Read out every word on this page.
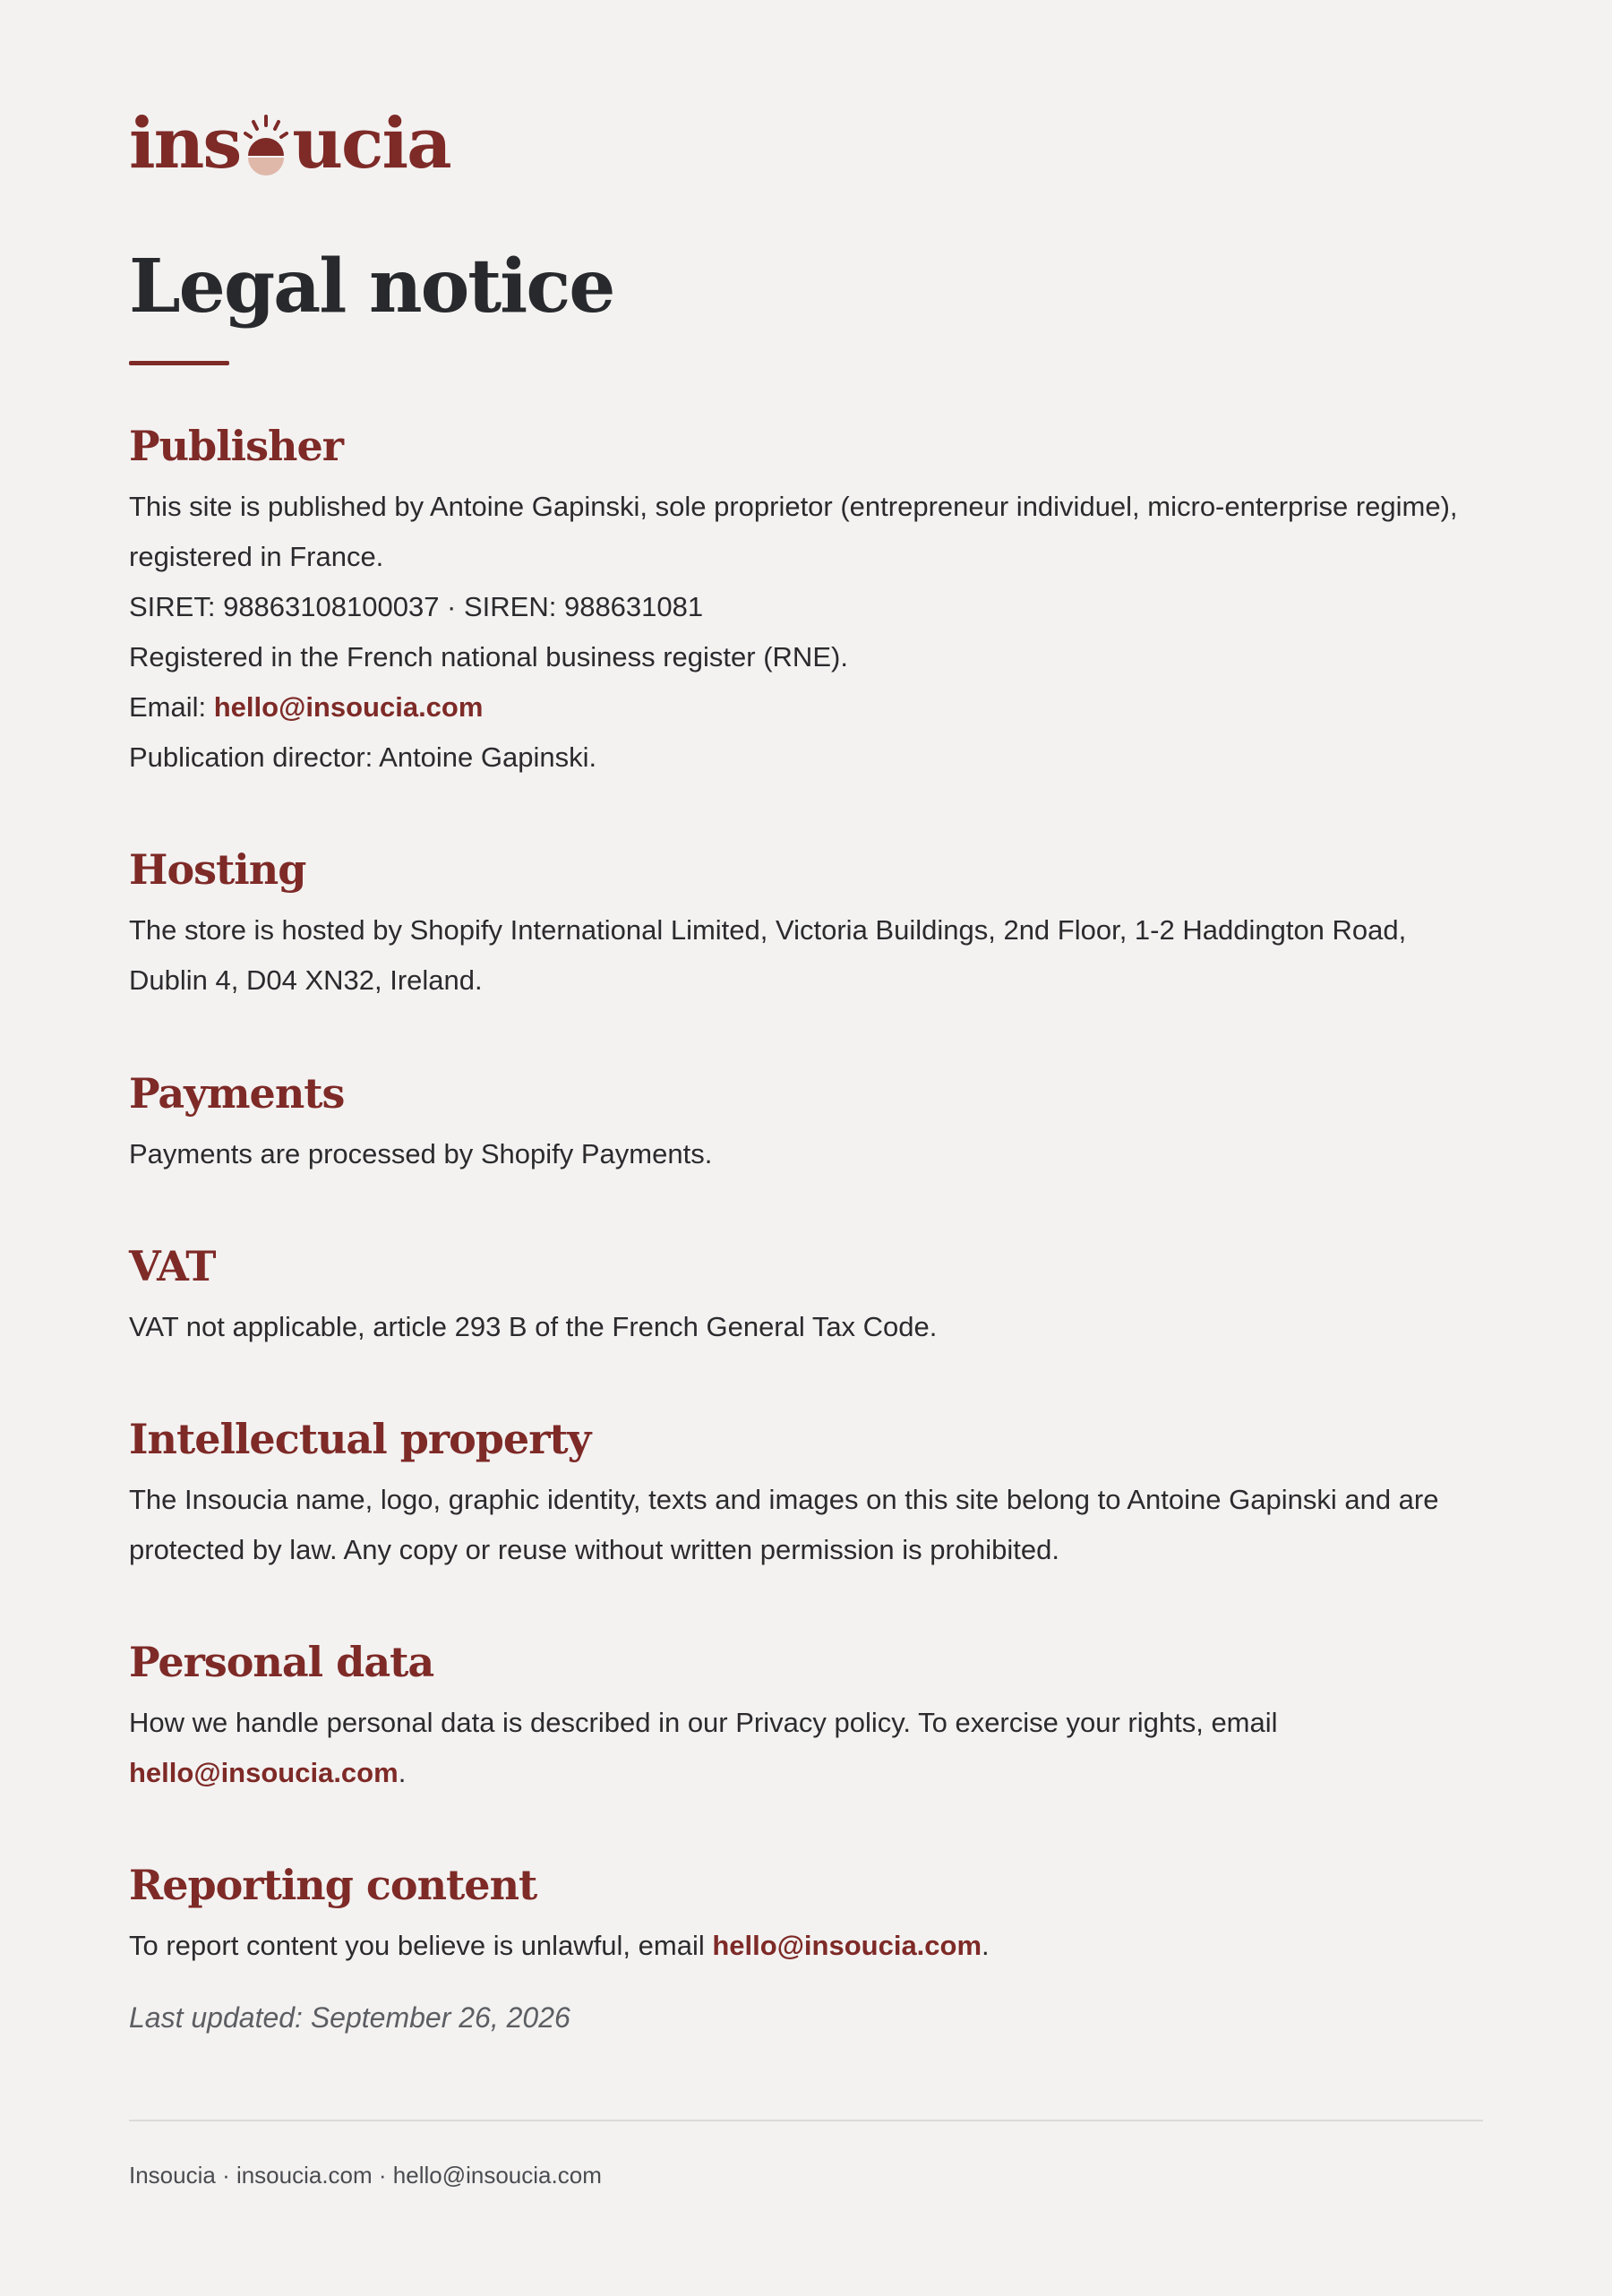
ins ucia
Legal notice
Publisher

This site is published by Antoine Gapinski, sole proprietor (entrepreneur individuel, micro-enterprise regime), registered in France.

SIRET: 98863108100037 · SIREN: 988631081

Registered in the French national business register (RNE).

Email: hello@insoucia.com

Publication director: Antoine Gapinski.

Hosting

The store is hosted by Shopify International Limited, Victoria Buildings, 2nd Floor, 1-2 Haddington Road, Dublin 4, D04 XN32, Ireland.

Payments

Payments are processed by Shopify Payments.

VAT

VAT not applicable, article 293 B of the French General Tax Code.

Intellectual property

The Insoucia name, logo, graphic identity, texts and images on this site belong to Antoine Gapinski and are protected by law. Any copy or reuse without written permission is prohibited.

Personal data

How we handle personal data is described in our Privacy policy. To exercise your rights, email hello@insoucia.com.

Reporting content

To report content you believe is unlawful, email hello@insoucia.com.

Last updated: September 26, 2026

Insoucia · insoucia.com · hello@insoucia.com
